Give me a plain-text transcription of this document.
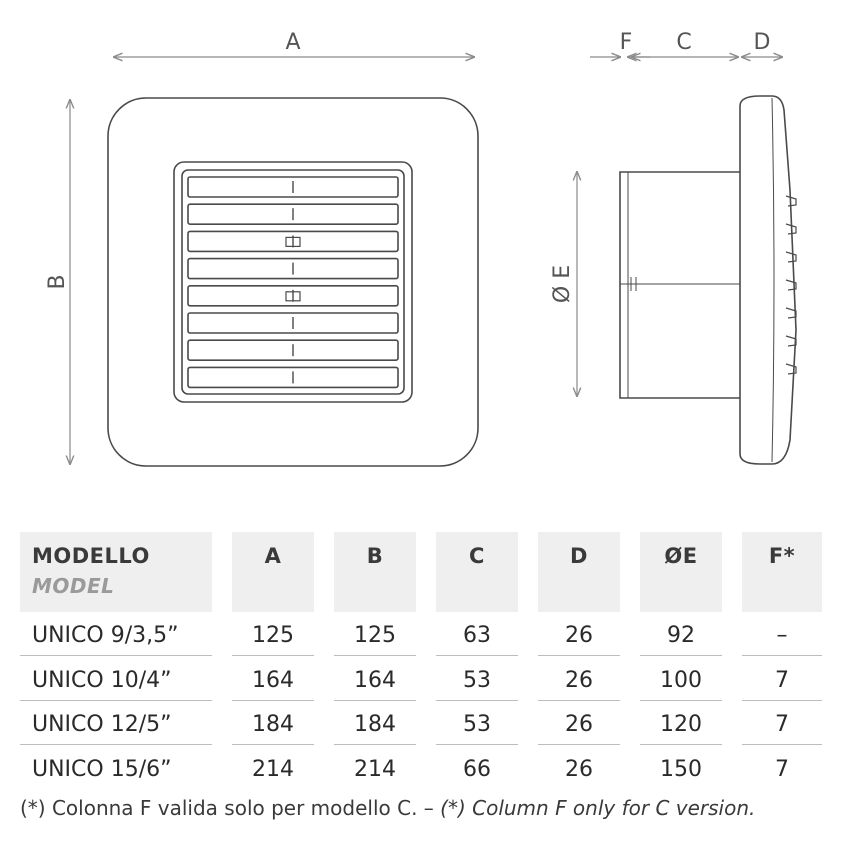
A
B
F C	D
Ø E
MODELLO
MODEL
A	B	C	D	ØE	F*
UNICO 9/3,5”	125	125	63	26	92	–
UNICO 10/4”	164	164	53	26	100	7
UNICO 12/5”	184	184	53	26	120	7
UNICO 15/6”	214	214	66	26	150	7
(*) Colonna F valida solo per modello C. – (*) Column F only for C version.
